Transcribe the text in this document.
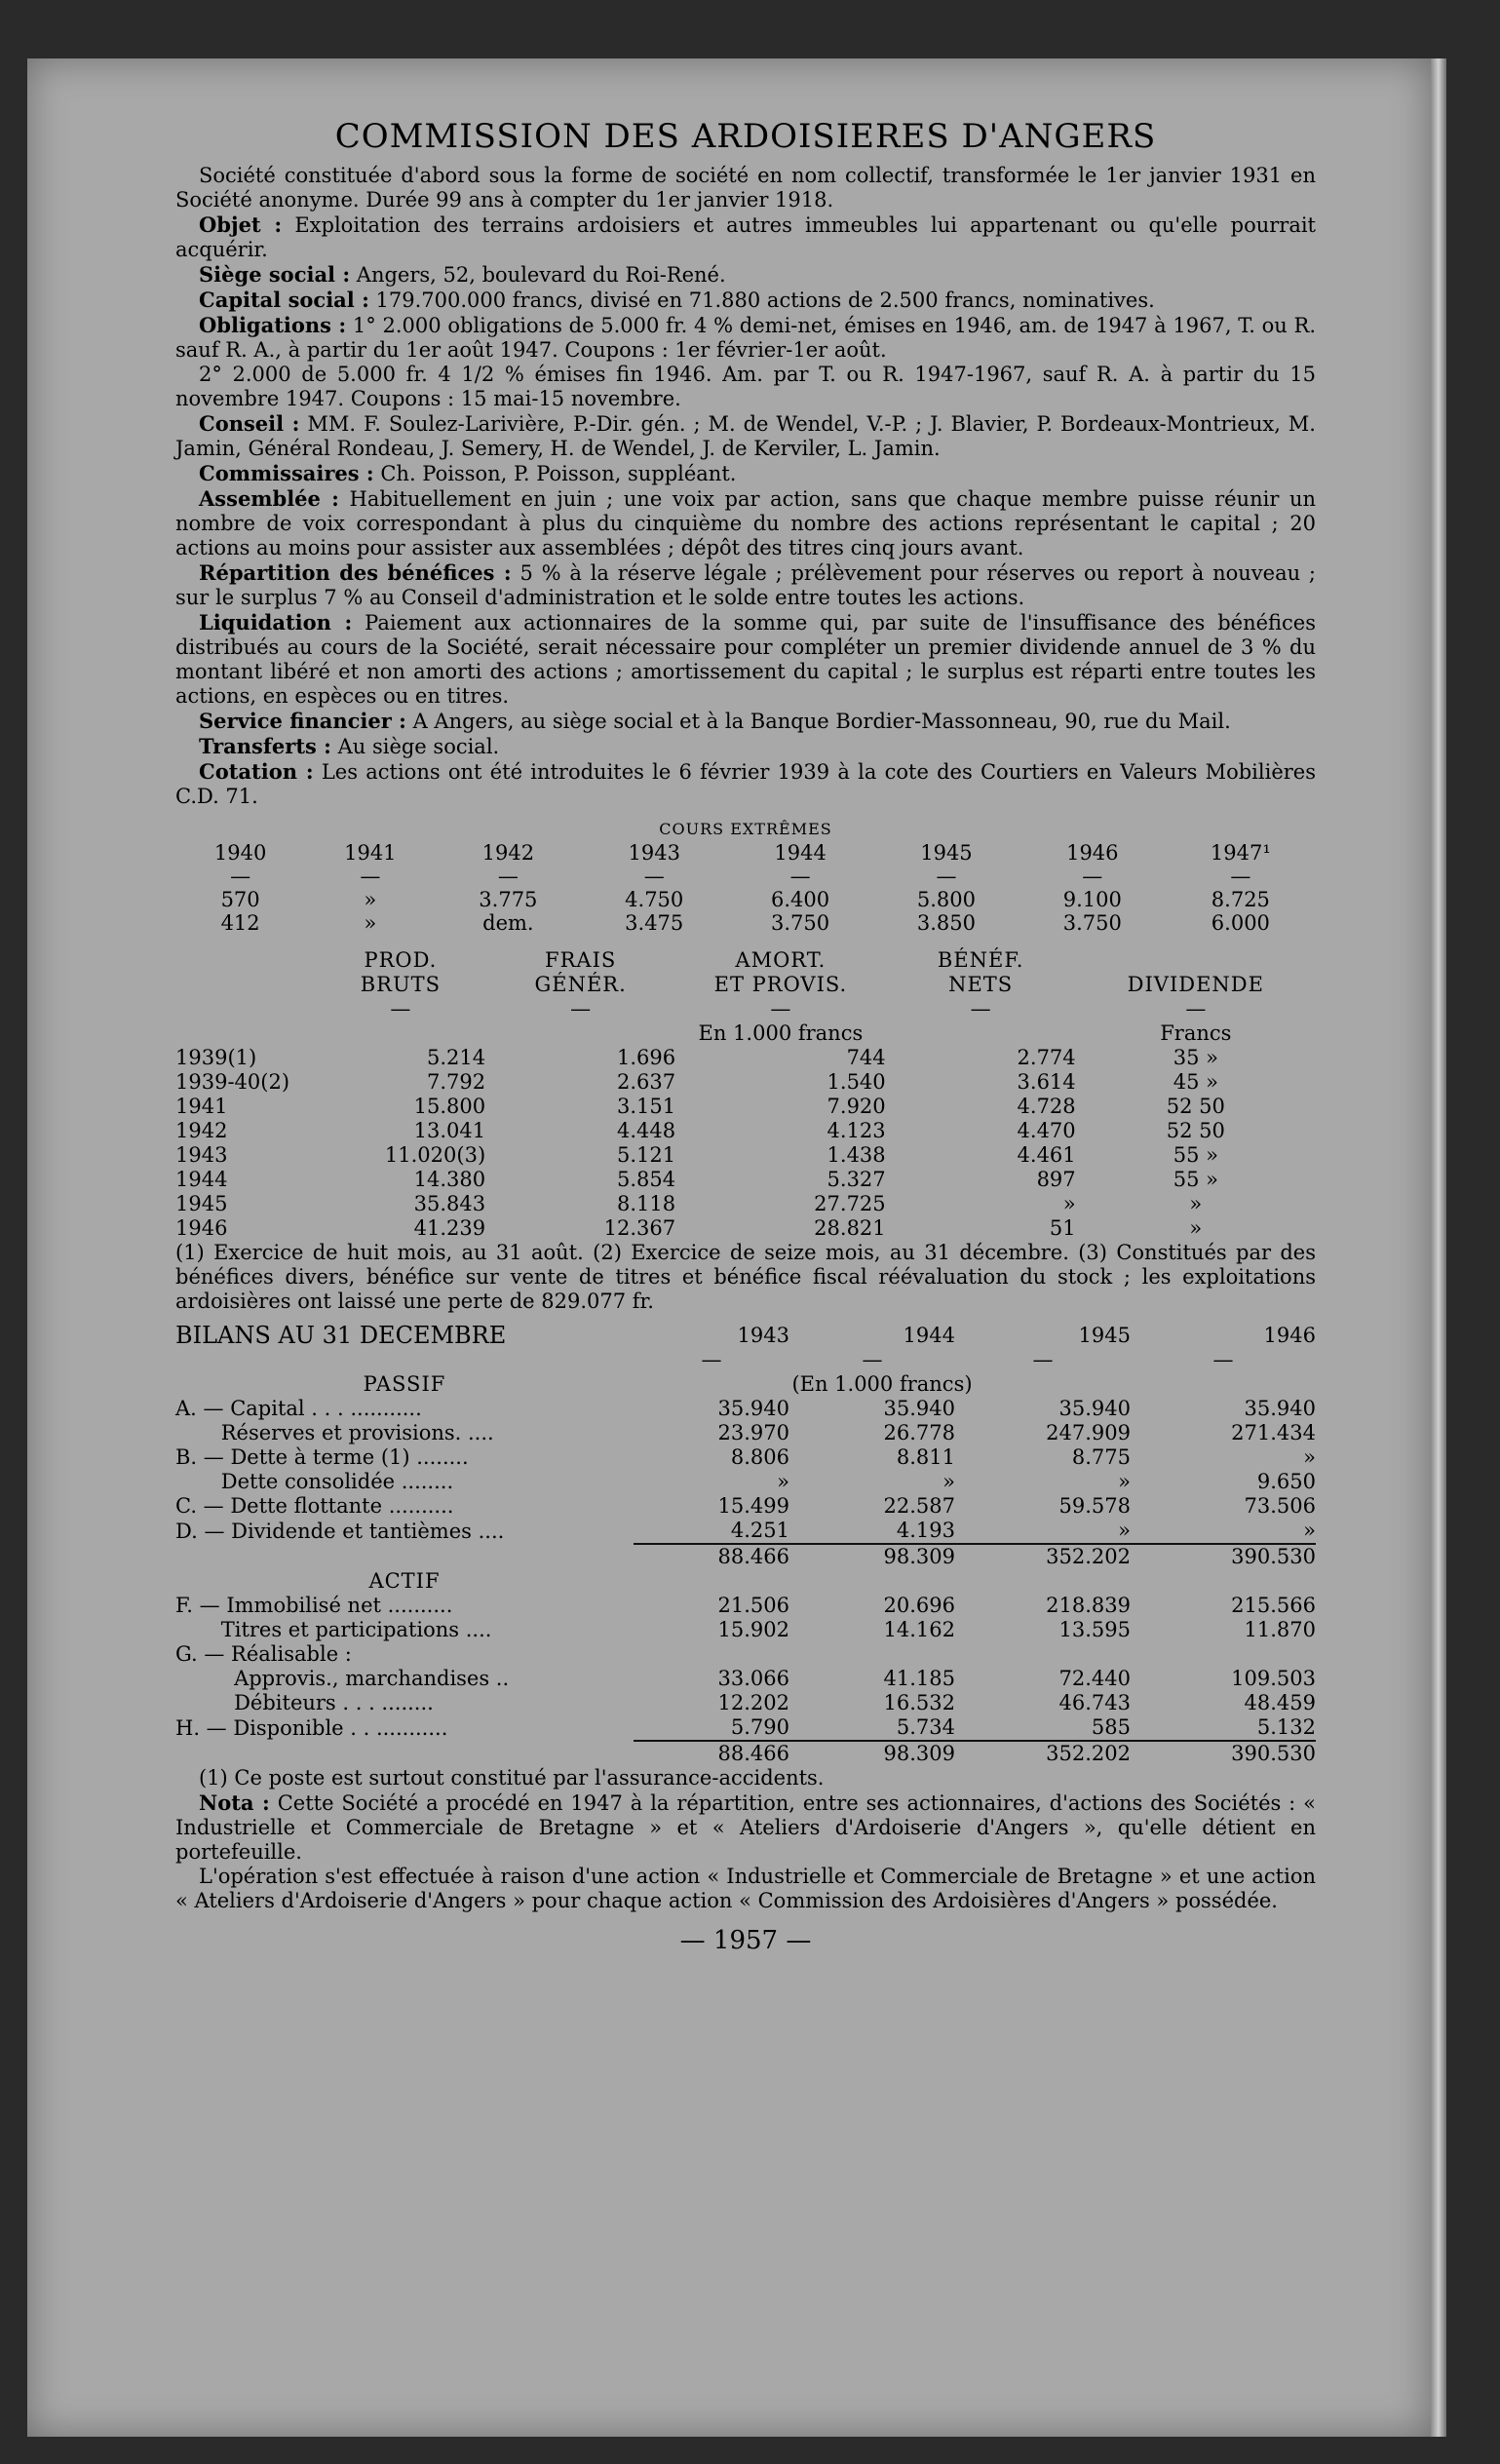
COMMISSION DES ARDOISIERES D'ANGERS

Société constituée d'abord sous la forme de société en nom collectif, transformée le 1er janvier 1931 en Société anonyme. Durée 99 ans à compter du 1er janvier 1918.

Objet : Exploitation des terrains ardoisiers et autres immeubles lui appartenant ou qu'elle pourrait acquérir.

Siège social : Angers, 52, boulevard du Roi-René.

Capital social : 179.700.000 francs, divisé en 71.880 actions de 2.500 francs, nominatives.

Obligations : 1° 2.000 obligations de 5.000 fr. 4 % demi-net, émises en 1946, am. de 1947 à 1967, T. ou R. sauf R. A., à partir du 1er août 1947. Coupons : 1er février-1er août.

2° 2.000 de 5.000 fr. 4 1/2 % émises fin 1946. Am. par T. ou R. 1947-1967, sauf R. A. à partir du 15 novembre 1947. Coupons : 15 mai-15 novembre.

Conseil : MM. F. Soulez-Larivière, P.-Dir. gén. ; M. de Wendel, V.-P. ; J. Blavier, P. Bordeaux-Montrieux, M. Jamin, Général Rondeau, J. Semery, H. de Wendel, J. de Kerviler, L. Jamin.

Commissaires : Ch. Poisson, P. Poisson, suppléant.

Assemblée : Habituellement en juin ; une voix par action, sans que chaque membre puisse réunir un nombre de voix correspondant à plus du cinquième du nombre des actions représentant le capital ; 20 actions au moins pour assister aux assemblées ; dépôt des titres cinq jours avant.

Répartition des bénéfices : 5 % à la réserve légale ; prélèvement pour réserves ou report à nouveau ; sur le surplus 7 % au Conseil d'administration et le solde entre toutes les actions.

Liquidation : Paiement aux actionnaires de la somme qui, par suite de l'insuffisance des bénéfices distribués au cours de la Société, serait nécessaire pour compléter un premier dividende annuel de 3 % du montant libéré et non amorti des actions ; amortissement du capital ; le surplus est réparti entre toutes les actions, en espèces ou en titres.

Service financier : A Angers, au siège social et à la Banque Bordier-Massonneau, 90, rue du Mail.

Transferts : Au siège social.

Cotation : Les actions ont été introduites le 6 février 1939 à la cote des Courtiers en Valeurs Mobilières C.D. 71.

COURS EXTRÊMES
1940	1941	1942	1943	1944	1945	1946	1947¹
—	—	—	—	—	—	—	—
570	»	3.775	4.750	6.400	5.800	9.100	8.725
412	»	dem.	3.475	3.750	3.850	3.750	6.000
	PROD.	FRAIS	AMORT.	BÉNÉF.	
	BRUTS	GÉNÉR.	ET PROVIS.	NETS	DIVIDENDE
	—	—	—	—	—
		En 1.000 francs			Francs
1939(1)	5.214	1.696	744	2.774	35 »
1939-40(2)	7.792	2.637	1.540	3.614	45 »
1941	15.800	3.151	7.920	4.728	52 50
1942	13.041	4.448	4.123	4.470	52 50
1943	11.020(3)	5.121	1.438	4.461	55 »
1944	14.380	5.854	5.327	897	55 »
1945	35.843	8.118	27.725	»	»
1946	41.239	12.367	28.821	51	»

(1) Exercice de huit mois, au 31 août. (2) Exercice de seize mois, au 31 décembre. (3) Constitués par des bénéfices divers, bénéfice sur vente de titres et bénéfice fiscal réévaluation du stock ; les exploitations ardoisières ont laissé une perte de 829.077 fr.

BILANS AU 31 DECEMBRE	1943	1944	1945	1946
	—	—	—	—
PASSIF	(En 1.000 francs)			
A. — Capital . . . ...........	35.940	35.940	35.940	35.940
Réserves et provisions. ....	23.970	26.778	247.909	271.434
B. — Dette à terme (1) ........	8.806	8.811	8.775	»
Dette consolidée ........	»	»	»	9.650
C. — Dette flottante ..........	15.499	22.587	59.578	73.506
D. — Dividende et tantièmes ....	4.251	4.193	»	»
	88.466	98.309	352.202	390.530
ACTIF				
F. — Immobilisé net ..........	21.506	20.696	218.839	215.566
Titres et participations ....	15.902	14.162	13.595	11.870
G. — Réalisable :				
Approvis., marchandises ..	33.066	41.185	72.440	109.503
Débiteurs . . . ........	12.202	16.532	46.743	48.459
H. — Disponible . . ...........	5.790	5.734	585	5.132
	88.466	98.309	352.202	390.530

(1) Ce poste est surtout constitué par l'assurance-accidents.

Nota : Cette Société a procédé en 1947 à la répartition, entre ses actionnaires, d'actions des Sociétés : « Industrielle et Commerciale de Bretagne » et « Ateliers d'Ardoiserie d'Angers », qu'elle détient en portefeuille.

L'opération s'est effectuée à raison d'une action « Industrielle et Commerciale de Bretagne » et une action « Ateliers d'Ardoiserie d'Angers » pour chaque action « Commission des Ardoisières d'Angers » possédée.

— 1957 —
